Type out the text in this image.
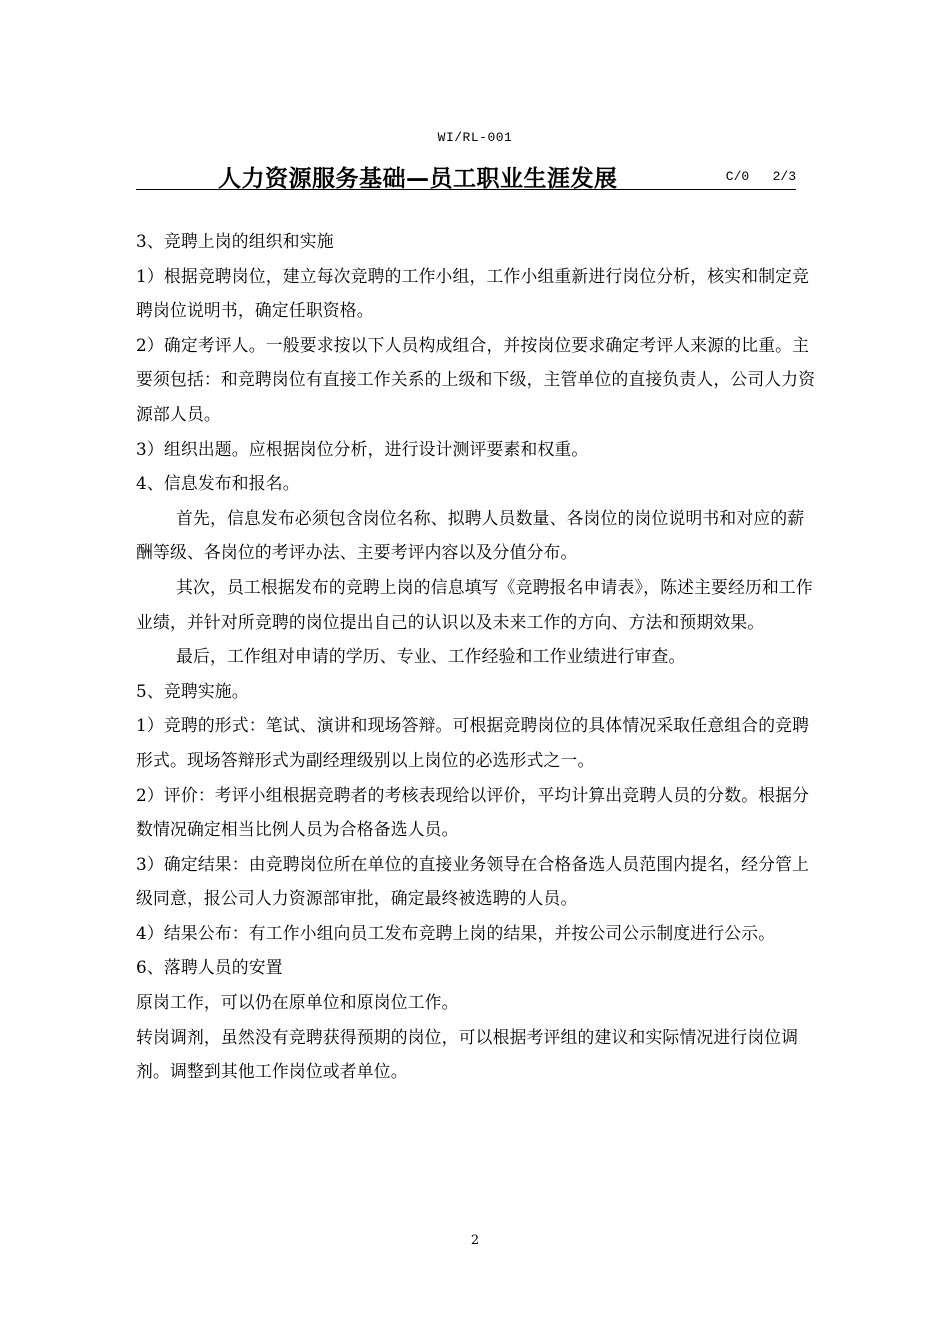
WI/RL-001
人力资源服务基础—员工职业生涯发展	C/0   2/3

3、竞聘上岗的组织和实施

1）根据竞聘岗位，建立每次竞聘的工作小组，工作小组重新进行岗位分析，核实和制定竞聘岗位说明书，确定任职资格。

2）确定考评人。一般要求按以下人员构成组合，并按岗位要求确定考评人来源的比重。主要须包括：和竞聘岗位有直接工作关系的上级和下级，主管单位的直接负责人，公司人力资源部人员。

3）组织出题。应根据岗位分析，进行设计测评要素和权重。

4、信息发布和报名。

首先，信息发布必须包含岗位名称、拟聘人员数量、各岗位的岗位说明书和对应的薪酬等级、各岗位的考评办法、主要考评内容以及分值分布。

其次，员工根据发布的竞聘上岗的信息填写《竞聘报名申请表》，陈述主要经历和工作业绩，并针对所竞聘的岗位提出自己的认识以及未来工作的方向、方法和预期效果。

最后，工作组对申请的学历、专业、工作经验和工作业绩进行审查。

5、竞聘实施。

1）竞聘的形式：笔试、演讲和现场答辩。可根据竞聘岗位的具体情况采取任意组合的竞聘形式。现场答辩形式为副经理级别以上岗位的必选形式之一。

2）评价：考评小组根据竞聘者的考核表现给以评价，平均计算出竞聘人员的分数。根据分数情况确定相当比例人员为合格备选人员。

3）确定结果：由竞聘岗位所在单位的直接业务领导在合格备选人员范围内提名，经分管上级同意，报公司人力资源部审批，确定最终被选聘的人员。

4）结果公布：有工作小组向员工发布竞聘上岗的结果，并按公司公示制度进行公示。

6、落聘人员的安置

原岗工作，可以仍在原单位和原岗位工作。

转岗调剂，虽然没有竞聘获得预期的岗位，可以根据考评组的建议和实际情况进行岗位调剂。调整到其他工作岗位或者单位。

2
